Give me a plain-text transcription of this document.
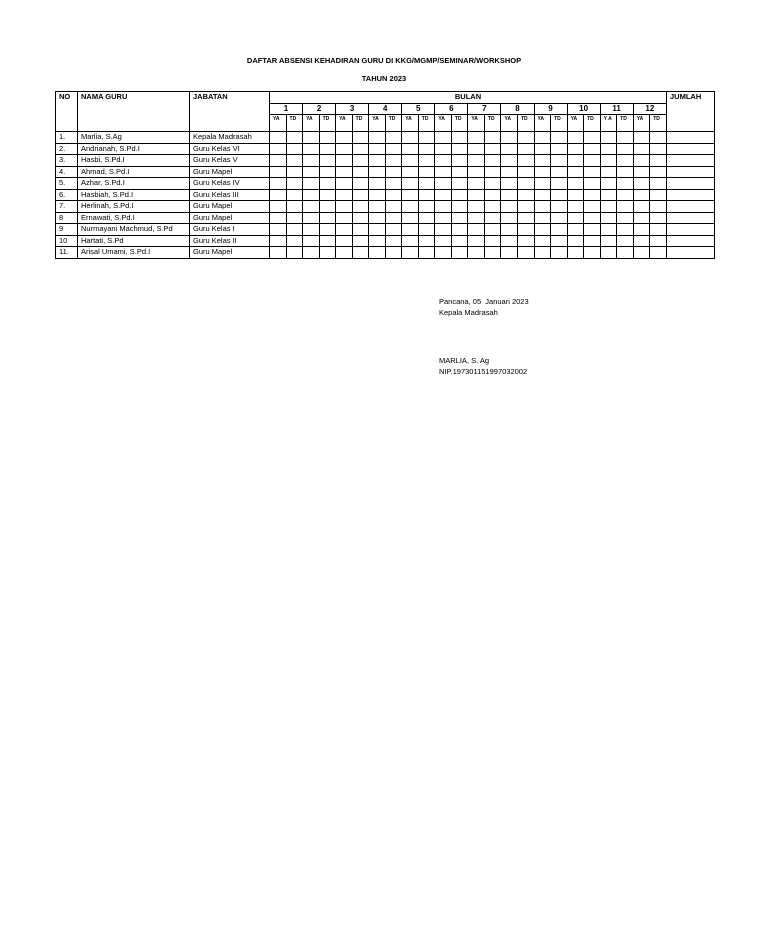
DAFTAR ABSENSI KEHADIRAN GURU DI KKG/MGMP/SEMINAR/WORKSHOP
TAHUN 2023
NO	NAMA GURU	JABATAN	BULAN																								JUMLAH
			1		2		3		4		5		6		7		8		9		10		11		12		
			YA	TD	YA	TD	YA	TD	YA	TD	YA	TD	YA	TD	YA	TD	YA	TD	YA	TD	YA	TD	Y A	TD	YA	TD	
1.	Marlia, S.Ag	Kepala Madrasah																									
2.	Andrianah, S.Pd.I	Guru Kelas VI																									
3.	Hasbi, S.Pd.I	Guru Kelas V																									
4.	Ahmad, S.Pd.I	Guru Mapel																									
5.	Azhar, S.Pd.I	Guru Kelas IV																									
6.	Hasbiah, S.Pd.I	Guru Kelas III																									
7.	Herlinah, S.Pd.I	Guru Mapel																									
8	Ernawati, S.Pd.I	Guru Mapel																									
9	Nurmayani Machmud, S.Pd	Guru Kelas I																									
10	Hartati, S.Pd	Guru Kelas II																									
11.	Arisal Umami, S.Pd.I	Guru Mapel																									
Pancana, 05  Januari 2023
Kepala Madrasah
MARLIA, S. Ag
NIP.197301151997032002
